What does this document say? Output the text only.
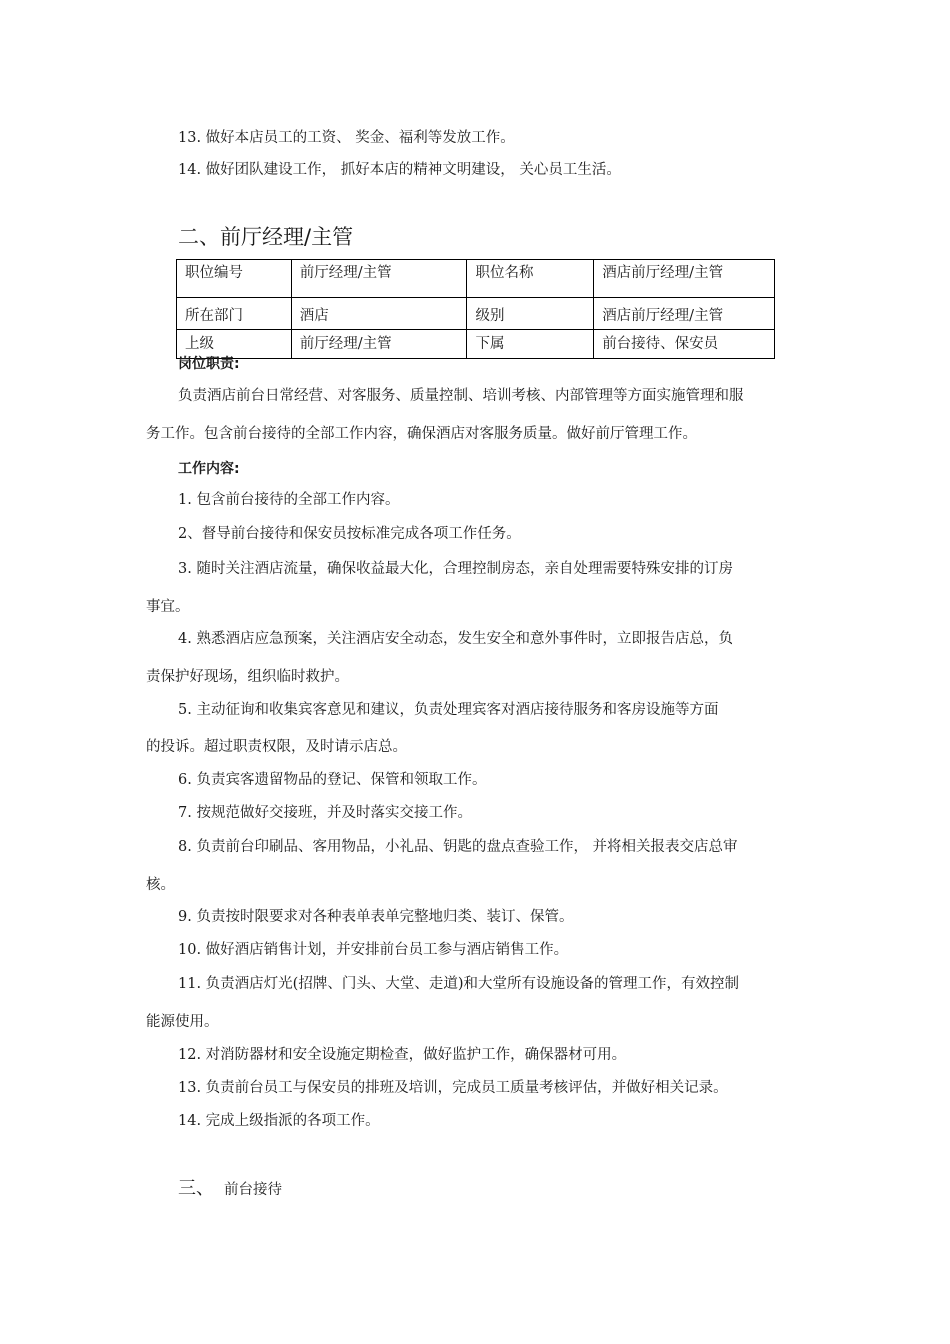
13. 做好本店员工的工资、 奖金、福利等发放工作。
14. 做好团队建设工作， 抓好本店的精神文明建设， 关心员工生活。
二、前厅经理/主管
职位编号	前厅经理/主管	职位名称	酒店前厅经理/主管
所在部门	酒店	级别	酒店前厅经理/主管
上级	前厅经理/主管	下属	前台接待、保安员
岗位职责:
负责酒店前台日常经营、对客服务、质量控制、培训考核、内部管理等方面实施管理和服
务工作。包含前台接待的全部工作内容，确保酒店对客服务质量。做好前厅管理工作。
工作内容:
1. 包含前台接待的全部工作内容。
2、督导前台接待和保安员按标准完成各项工作任务。
3. 随时关注酒店流量，确保收益最大化，合理控制房态，亲自处理需要特殊安排的订房
事宜。
4. 熟悉酒店应急预案，关注酒店安全动态，发生安全和意外事件时，立即报告店总，负
责保护好现场，组织临时救护。
5. 主动征询和收集宾客意见和建议，负责处理宾客对酒店接待服务和客房设施等方面
的投诉。超过职责权限，及时请示店总。
6. 负责宾客遗留物品的登记、保管和领取工作。
7. 按规范做好交接班，并及时落实交接工作。
8. 负责前台印刷品、客用物品，小礼品、钥匙的盘点查验工作， 并将相关报表交店总审
核。
9. 负责按时限要求对各种表单表单完整地归类、装订、保管。
10. 做好酒店销售计划，并安排前台员工参与酒店销售工作。
11. 负责酒店灯光(招牌、门头、大堂、走道)和大堂所有设施设备的管理工作，有效控制
能源使用。
12. 对消防器材和安全设施定期检查，做好监护工作，确保器材可用。
13. 负责前台员工与保安员的排班及培训，完成员工质量考核评估，并做好相关记录。
14. 完成上级指派的各项工作。
三、 前台接待
